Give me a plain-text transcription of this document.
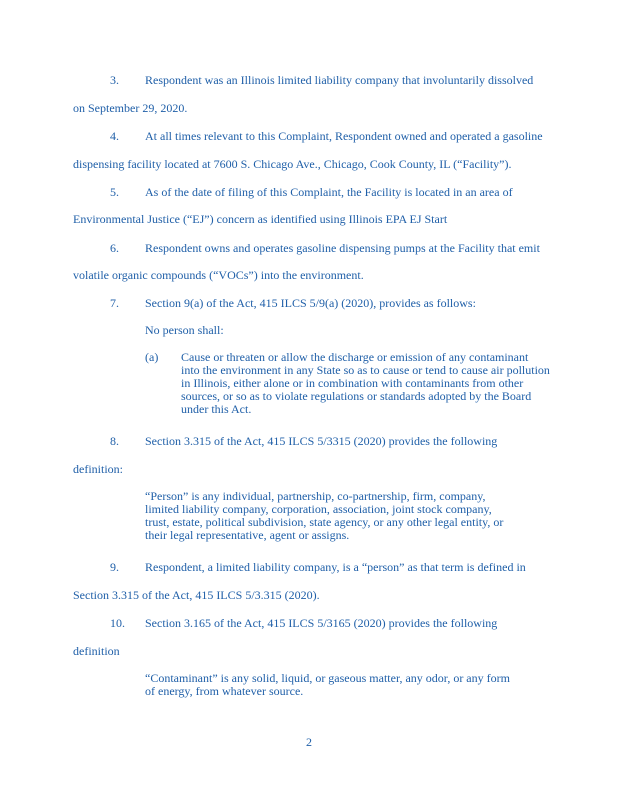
3. Respondent was an Illinois limited liability company that involuntarily dissolved
on September 29, 2020.
4. At all times relevant to this Complaint, Respondent owned and operated a gasoline
dispensing facility located at 7600 S. Chicago Ave., Chicago, Cook County, IL (“Facility”).
5. As of the date of filing of this Complaint, the Facility is located in an area of
Environmental Justice (“EJ”) concern as identified using Illinois EPA EJ Start
6. Respondent owns and operates gasoline dispensing pumps at the Facility that emit
volatile organic compounds (“VOCs”) into the environment.
7. Section 9(a) of the Act, 415 ILCS 5/9(a) (2020), provides as follows:
No person shall:
(a) Cause or threaten or allow the discharge or emission of any contaminant
into the environment in any State so as to cause or tend to cause air pollution
in Illinois, either alone or in combination with contaminants from other
sources, or so as to violate regulations or standards adopted by the Board
under this Act.
8. Section 3.315 of the Act, 415 ILCS 5/3315 (2020) provides the following
definition:
“Person” is any individual, partnership, co-partnership, firm, company,
limited liability company, corporation, association, joint stock company,
trust, estate, political subdivision, state agency, or any other legal entity, or
their legal representative, agent or assigns.
9. Respondent, a limited liability company, is a “person” as that term is defined in
Section 3.315 of the Act, 415 ILCS 5/3.315 (2020).
10. Section 3.165 of the Act, 415 ILCS 5/3165 (2020) provides the following
definition
“Contaminant” is any solid, liquid, or gaseous matter, any odor, or any form
of energy, from whatever source.
2
